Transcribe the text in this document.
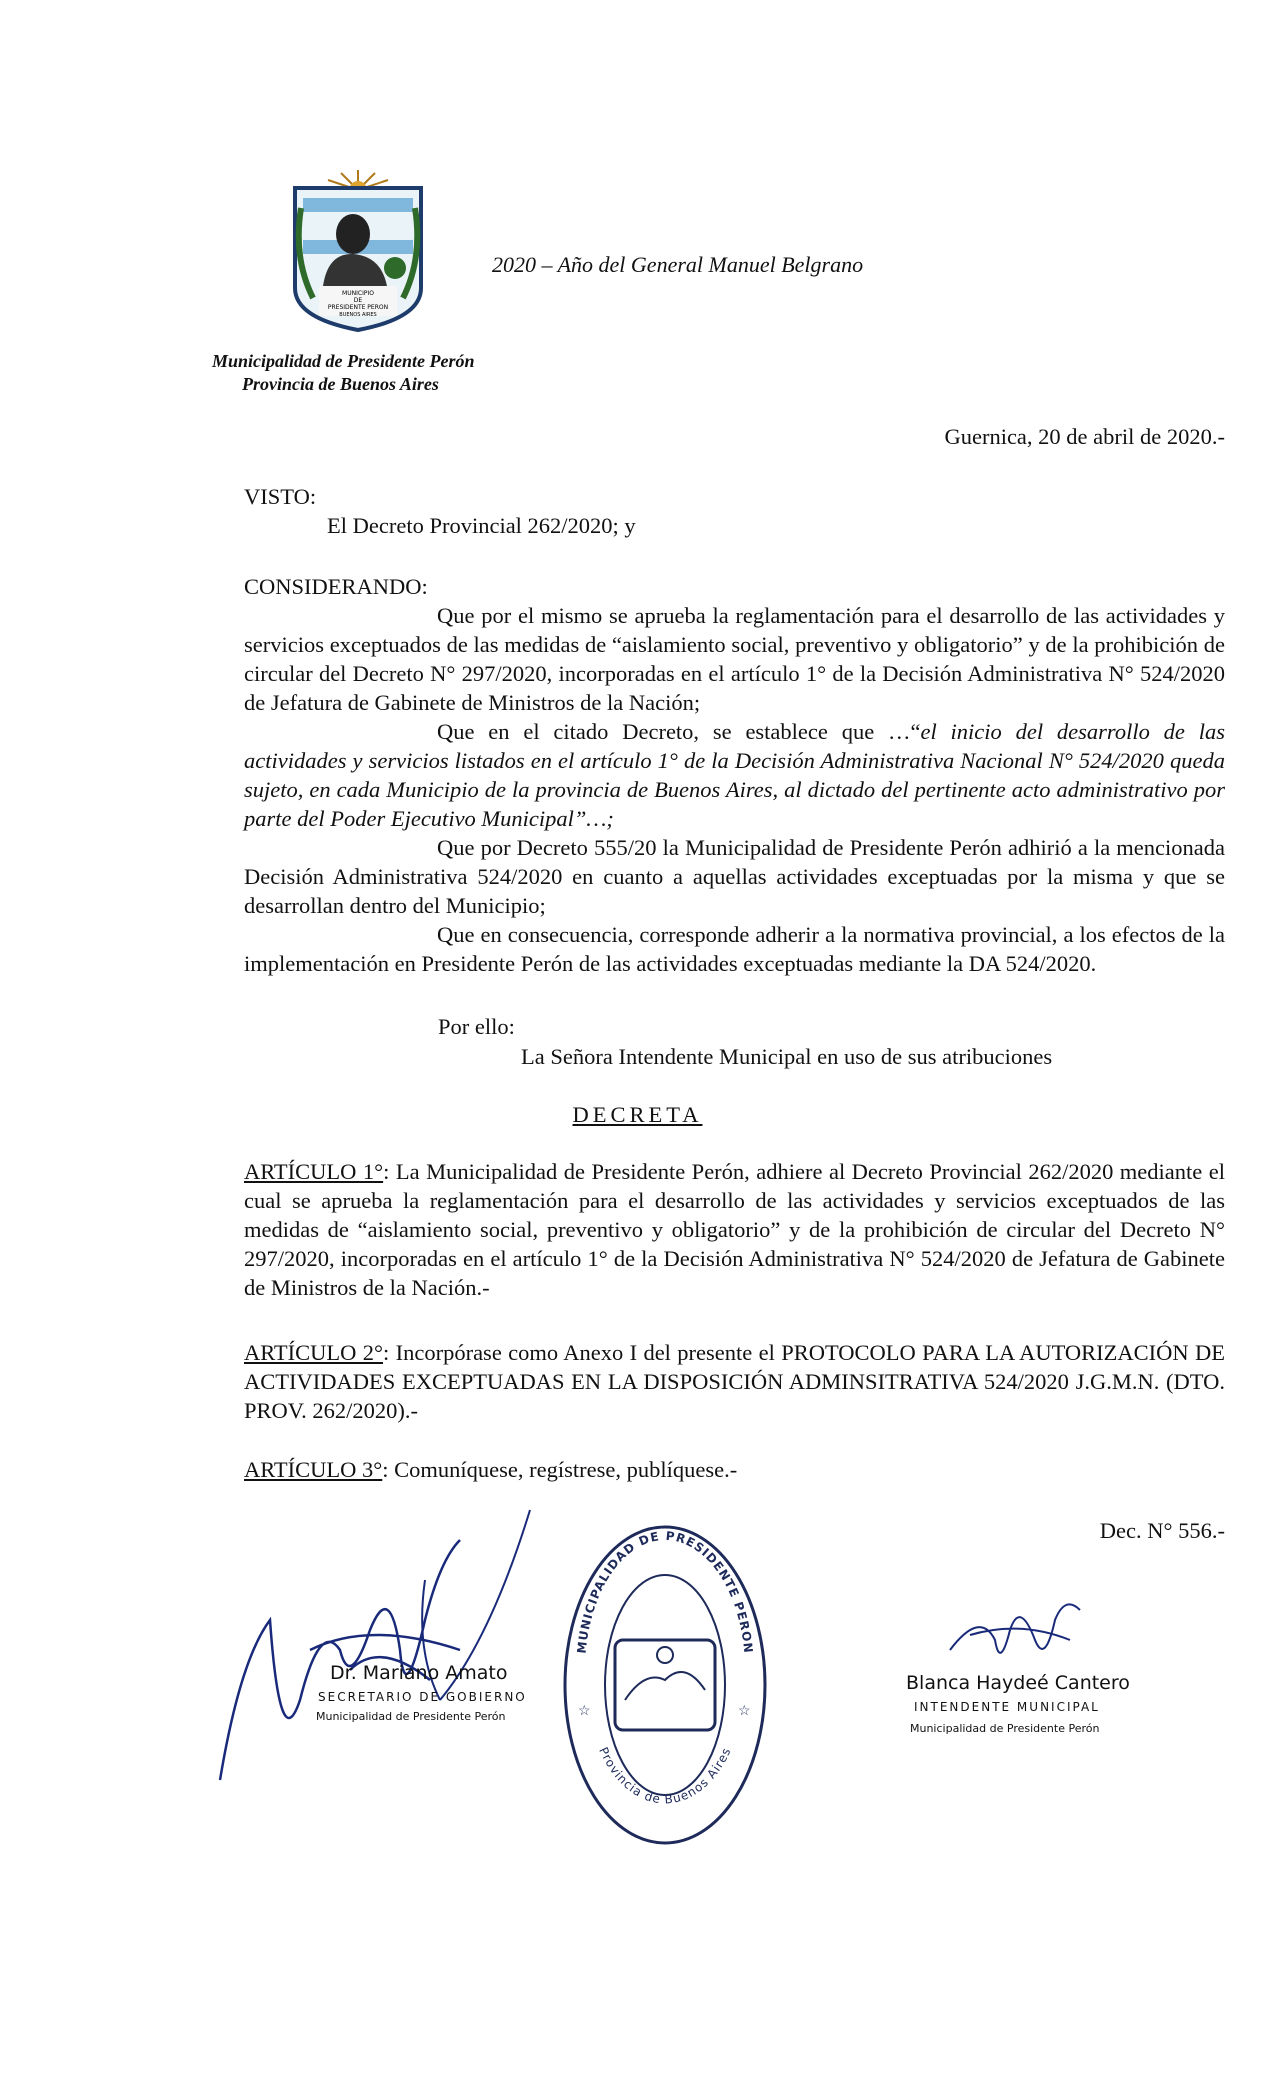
MUNICIPIO
DE
PRESIDENTE PERON
BUENOS AIRES
2020 – Año del General Manuel Belgrano
Municipalidad de Presidente Perón
Provincia de Buenos Aires
Guernica, 20 de abril de 2020.-
VISTO:
El Decreto Provincial 262/2020; y
CONSIDERANDO:

Que por el mismo se aprueba la reglamentación para el desarrollo de las actividades y servicios exceptuados de las medidas de “aislamiento social, preventivo y obligatorio” y de la prohibición de circular del Decreto N° 297/2020, incorporadas en el artículo 1° de la Decisión Administrativa N° 524/2020 de Jefatura de Gabinete de Ministros de la Nación;

Que en el citado Decreto, se establece que …“el inicio del desarrollo de las actividades y servicios listados en el artículo 1° de la Decisión Administrativa Nacional N° 524/2020 queda sujeto, en cada Municipio de la provincia de Buenos Aires, al dictado del pertinente acto administrativo por parte del Poder Ejecutivo Municipal”…;

Que por Decreto 555/20 la Municipalidad de Presidente Perón adhirió a la mencionada Decisión Administrativa 524/2020 en cuanto a aquellas actividades exceptuadas por la misma y que se desarrollan dentro del Municipio;

Que en consecuencia, corresponde adherir a la normativa provincial, a los efectos de la implementación en Presidente Perón de las actividades exceptuadas mediante la DA 524/2020.

Por ello:
La Señora Intendente Municipal en uso de sus atribuciones
DECRETA
ARTÍCULO 1°: La Municipalidad de Presidente Perón, adhiere al Decreto Provincial 262/2020 mediante el cual se aprueba la reglamentación para el desarrollo de las actividades y servicios exceptuados de las medidas de “aislamiento social, preventivo y obligatorio” y de la prohibición de circular del Decreto N° 297/2020, incorporadas en el artículo 1° de la Decisión Administrativa N° 524/2020 de Jefatura de Gabinete de Ministros de la Nación.-
ARTÍCULO 2°: Incorpórase como Anexo I del presente el PROTOCOLO PARA LA AUTORIZACIÓN DE ACTIVIDADES EXCEPTUADAS EN LA DISPOSICIÓN ADMINSITRATIVA 524/2020 J.G.M.N. (DTO. PROV. 262/2020).-
ARTÍCULO 3°: Comuníquese, regístrese, publíquese.-
Dec. N° 556.-
Dr. Mariano Amato
SECRETARIO DE GOBIERNO
Municipalidad de Presidente Perón	☆	☆
MUNICIPALIDAD DE PRESIDENTE PERON
Provincia de Buenos Aires
Blanca Haydeé Cantero
INTENDENTE MUNICIPAL
Municipalidad de Presidente Perón
